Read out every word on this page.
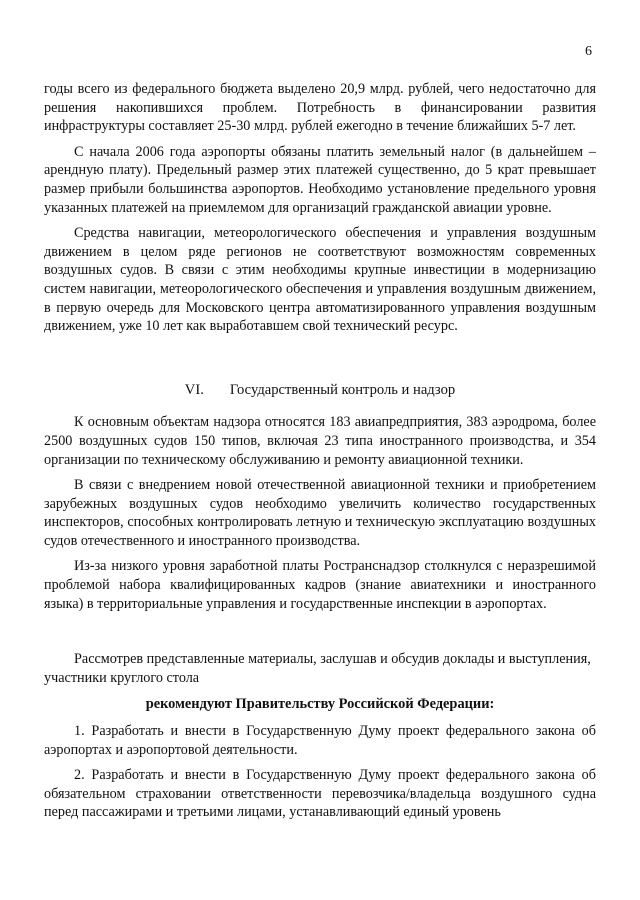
6

годы всего из федерального бюджета выделено 20,9 млрд. рублей, чего недостаточно для решения накопившихся проблем. Потребность в финансировании развития инфраструктуры составляет 25-30 млрд. рублей ежегодно в течение ближайших 5-7 лет.

С начала 2006 года аэропорты обязаны платить земельный налог (в дальнейшем – арендную плату). Предельный размер этих платежей существенно, до 5 крат превышает размер прибыли большинства аэропортов. Необходимо установление предельного уровня указанных платежей на приемлемом для организаций гражданской авиации уровне.

Средства навигации, метеорологического обеспечения и управления воздушным движением в целом ряде регионов не соответствуют возможностям современных воздушных судов. В связи с этим необходимы крупные инвестиции в модернизацию систем навигации, метеорологического обеспечения и управления воздушным движением, в первую очередь для Московского центра автоматизированного управления воздушным движением, уже 10 лет как выработавшем свой технический ресурс.

VI. Государственный контроль и надзор

К основным объектам надзора относятся 183 авиапредприятия, 383 аэродрома, более 2500 воздушных судов 150 типов, включая 23 типа иностранного производства, и 354 организации по техническому обслуживанию и ремонту авиационной техники.

В связи с внедрением новой отечественной авиационной техники и приобретением зарубежных воздушных судов необходимо увеличить количество государственных инспекторов, способных контролировать летную и техническую эксплуатацию воздушных судов отечественного и иностранного производства.

Из-за низкого уровня заработной платы Ространснадзор столкнулся с неразрешимой проблемой набора квалифицированных кадров (знание авиатехники и иностранного языка) в территориальные управления и государственные инспекции в аэропортах.

Рассмотрев представленные материалы, заслушав и обсудив доклады и выступления, участники круглого стола

рекомендуют Правительству Российской Федерации:

1. Разработать и внести в Государственную Думу проект федерального закона об аэропортах и аэропортовой деятельности.

2. Разработать и внести в Государственную Думу проект федерального закона об обязательном страховании ответственности перевозчика/владельца воздушного судна перед пассажирами и третьими лицами, устанавливающий единый уровень
